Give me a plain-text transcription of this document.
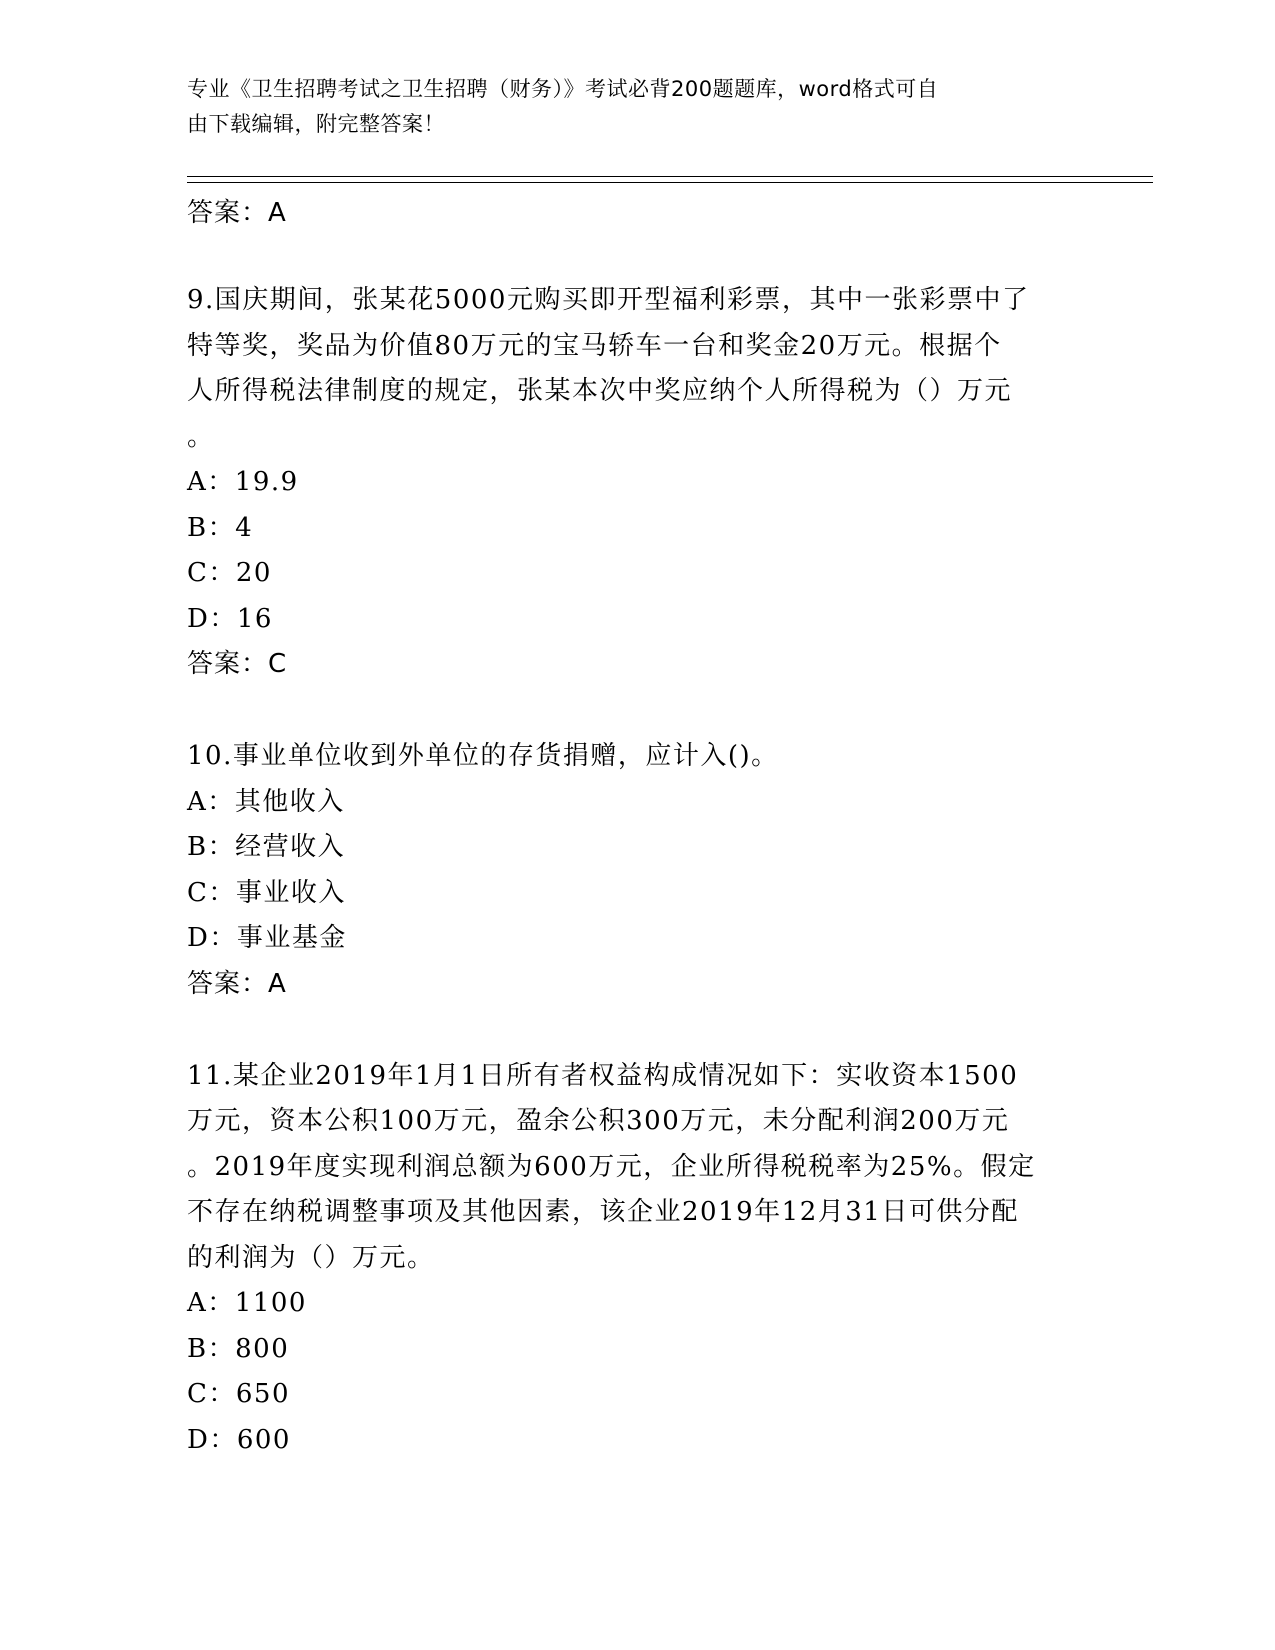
专业《卫生招聘考试之卫生招聘（财务）》考试必背200题题库，word格式可自
由下载编辑，附完整答案！
答案：A
9.国庆期间，张某花5000元购买即开型福利彩票，其中一张彩票中了
特等奖，奖品为价值80万元的宝马轿车一台和奖金20万元。根据个
人所得税法律制度的规定，张某本次中奖应纳个人所得税为（）万元
。
A：19.9
B：4
C：20
D：16
答案：C
10.事业单位收到外单位的存货捐赠，应计入()。
A：其他收入
B：经营收入
C：事业收入
D：事业基金
答案：A
11.某企业2019年1月1日所有者权益构成情况如下：实收资本1500
万元，资本公积100万元，盈余公积300万元，未分配利润200万元
。2019年度实现利润总额为600万元，企业所得税税率为25%。假定
不存在纳税调整事项及其他因素，该企业2019年12月31日可供分配
的利润为（）万元。
A：1100
B：800
C：650
D：600
